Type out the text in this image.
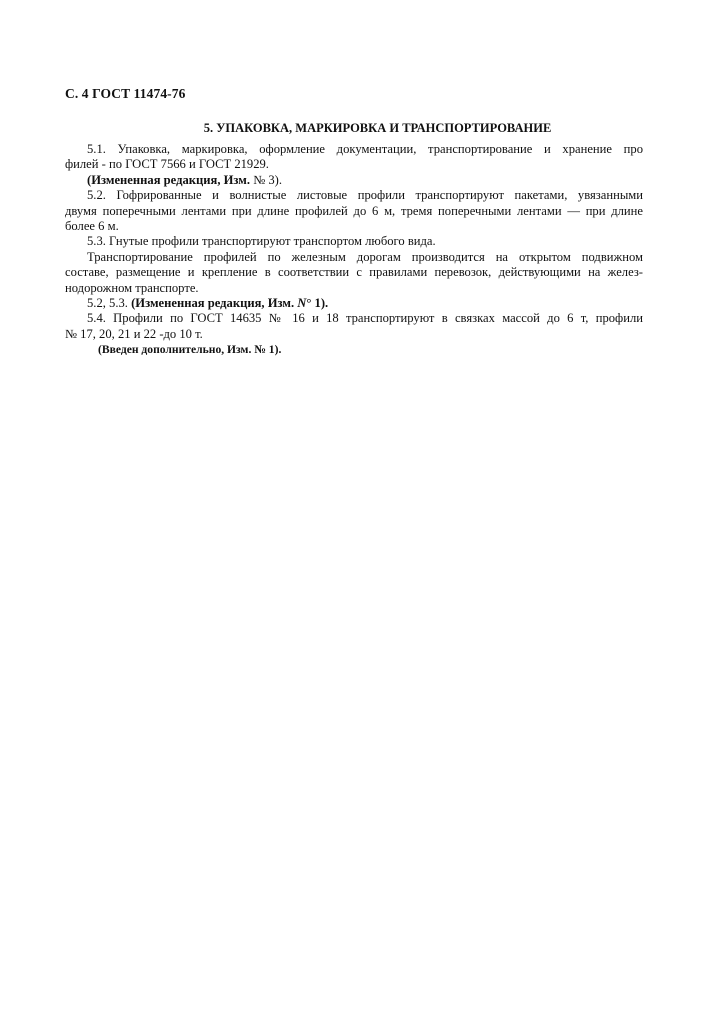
С. 4 ГОСТ 11474-76
5. УПАКОВКА, МАРКИРОВКА И ТРАНСПОРТИРОВАНИЕ
5.1. Упаковка, маркировка, оформление документации, транспортирование и хранение про
филей - по ГОСТ 7566 и ГОСТ 21929.
(Измененная редакция, Изм. № 3).
5.2. Гофрированные и волнистые листовые профили транспортируют пакетами, увязанными
двумя поперечными лентами при длине профилей до 6 м, тремя поперечными лентами — при длине
более 6 м.
5.3. Гнутые профили транспортируют транспортом любого вида.
Транспортирование профилей по железным дорогам производится на открытом подвижном
составе, размещение и крепление в соответствии с правилами перевозок, действующими на желез-
нодорожном транспорте.
5.2, 5.3. (Измененная редакция, Изм. N° 1).
5.4. Профили по ГОСТ 14635 № 16 и 18 транспортируют в связках массой до 6 т, профили
№ 17, 20, 21 и 22 -до 10 т.
(Введен дополнительно, Изм. № 1).
